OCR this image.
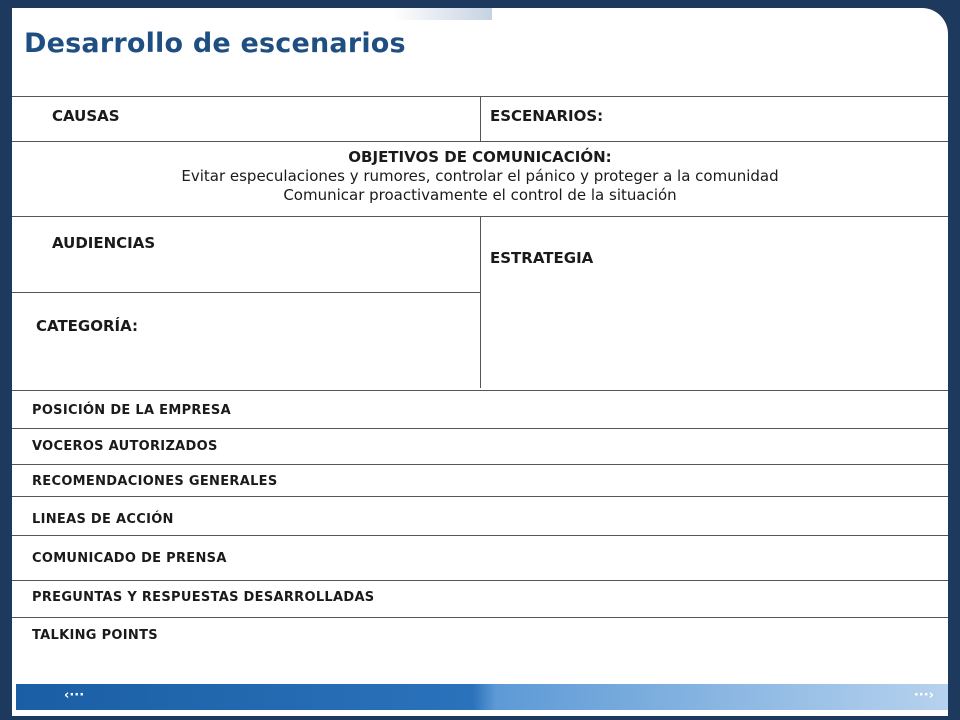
Desarrollo de escenarios
CAUSAS	ESCENARIOS:
OBJETIVOS DE COMUNICACIÓN:
Evitar especulaciones y rumores, controlar el pánico y proteger a la comunidad
Comunicar proactivamente el control de la situación
AUDIENCIAS
ESTRATEGIA
CATEGORÍA:
POSICIÓN DE LA EMPRESA
VOCEROS AUTORIZADOS
RECOMENDACIONES GENERALES
LINEAS DE ACCIÓN
COMUNICADO DE PRENSA
PREGUNTAS Y RESPUESTAS DESARROLLADAS
TALKING POINTS
‹···	···›
